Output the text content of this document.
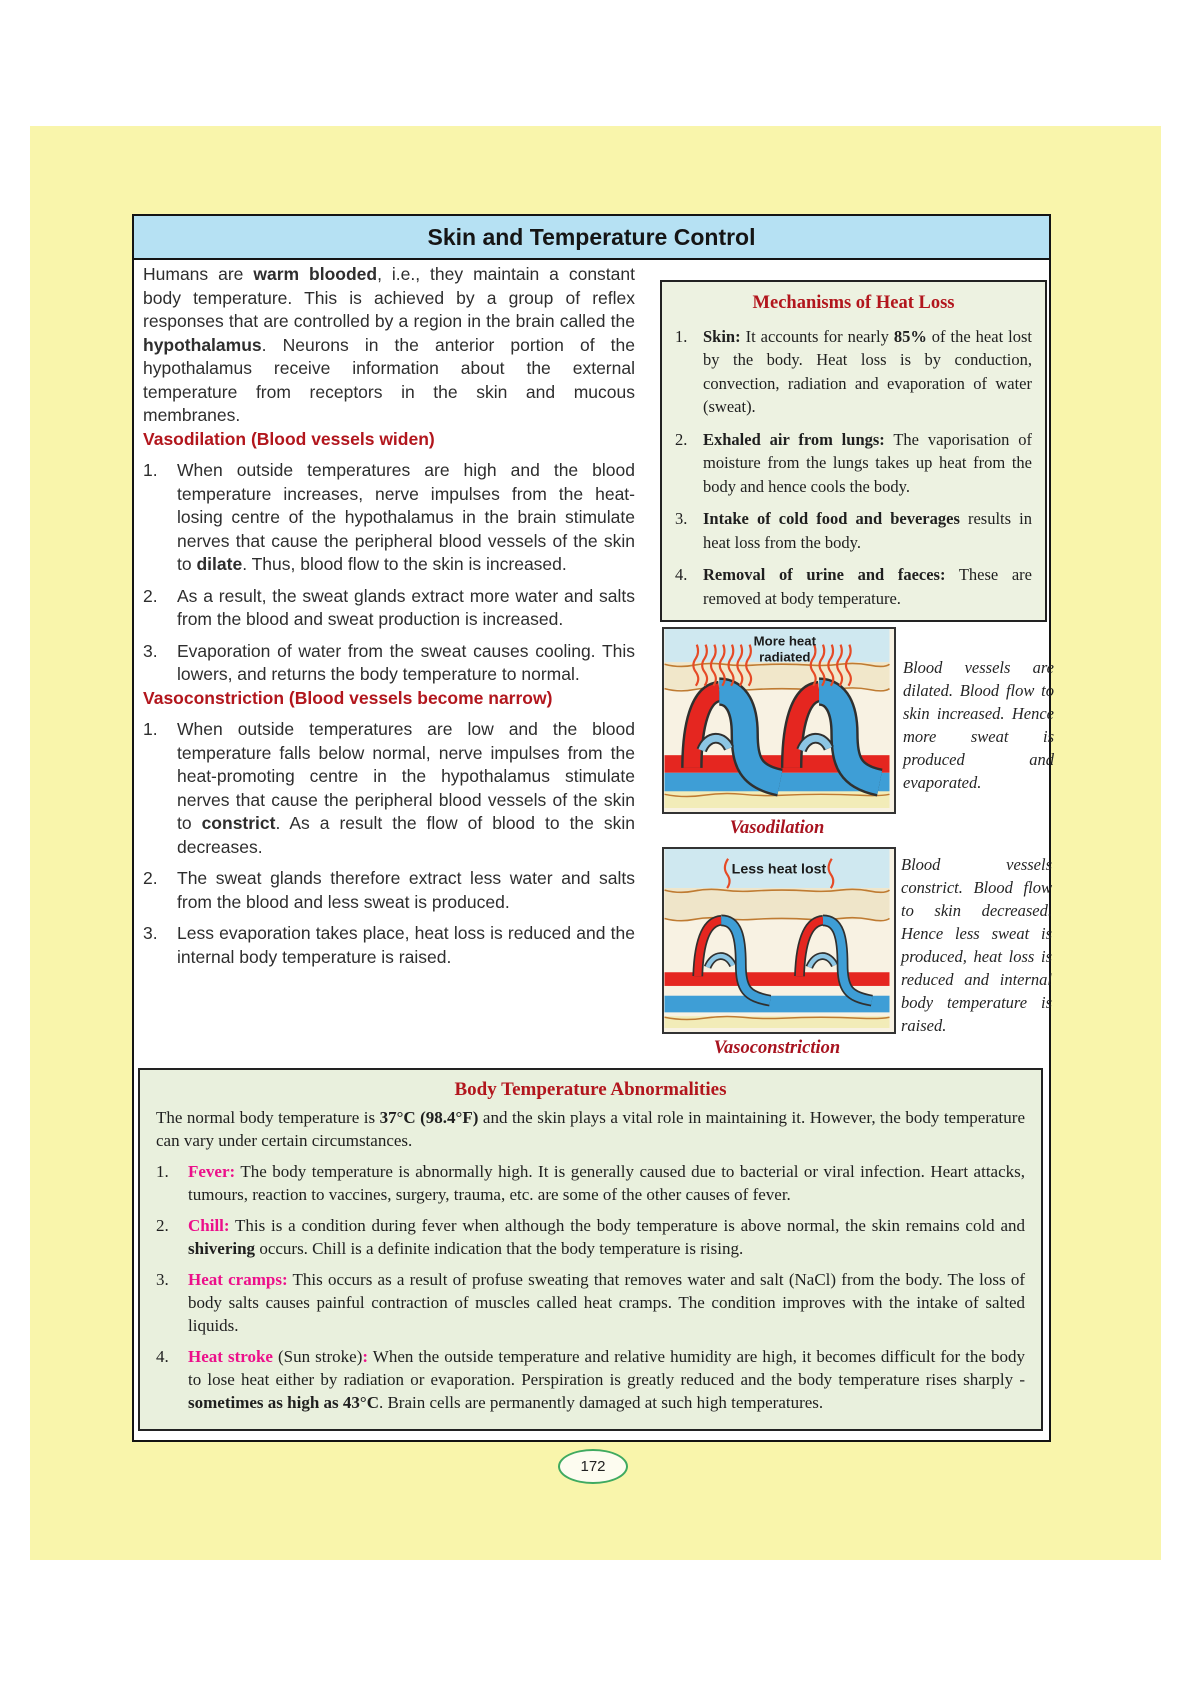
Skin and Temperature Control

Humans are warm blooded, i.e., they maintain a constant body temperature. This is achieved by a group of reflex responses that are controlled by a region in the brain called the hypothalamus. Neurons in the anterior portion of the hypothalamus receive information about the external temperature from receptors in the skin and mucous membranes.

Vasodilation (Blood vessels widen)

1.	When outside temperatures are high and the blood temperature increases, nerve impulses from the heat-losing centre of the hypothalamus in the brain stimulate nerves that cause the peripheral blood vessels of the skin to dilate. Thus, blood flow to the skin is increased.
2.	As a result, the sweat glands extract more water and salts from the blood and sweat production is increased.
3.	Evaporation of water from the sweat causes cooling. This lowers, and returns the body temperature to normal.

Vasoconstriction (Blood vessels become narrow)

1.	When outside temperatures are low and the blood temperature falls below normal, nerve impulses from the heat-promoting centre in the hypothalamus stimulate nerves that cause the peripheral blood vessels of the skin to constrict. As a result the flow of blood to the skin decreases.
2.	The sweat glands therefore extract less water and salts from the blood and less sweat is produced.
3.	Less evaporation takes place, heat loss is reduced and the internal body temperature is raised.
Mechanisms of Heat Loss
1. Skin: It accounts for nearly 85% of the heat lost by the body. Heat loss is by conduction, convection, radiation and evaporation of water (sweat).
2. Exhaled air from lungs: The vaporisation of moisture from the lungs takes up heat from the body and hence cools the body.
3. Intake of cold food and beverages results in heat loss from the body.
4. Removal of urine and faeces: These are removed at body temperature.
More heat
radiated
Vasodilation
Blood vessels are dilated. Blood flow to skin increased. Hence more sweat is produced and evaporated.
Less heat lost
Vasoconstriction
Blood vessels constrict. Blood flow to skin decreased. Hence less sweat is produced, heat loss is reduced and internal body temperature is raised.
Body Temperature Abnormalities

The normal body temperature is 37°C (98.4°F) and the skin plays a vital role in maintaining it. However, the body temperature can vary under certain circumstances.

1.	Fever: The body temperature is abnormally high. It is generally caused due to bacterial or viral infection. Heart attacks, tumours, reaction to vaccines, surgery, trauma, etc. are some of the other causes of fever.
2.	Chill: This is a condition during fever when although the body temperature is above normal, the skin remains cold and shivering occurs. Chill is a definite indication that the body temperature is rising.
3.	Heat cramps: This occurs as a result of profuse sweating that removes water and salt (NaCl) from the body. The loss of body salts causes painful contraction of muscles called heat cramps. The condition improves with the intake of salted liquids.
4.	Heat stroke (Sun stroke): When the outside temperature and relative humidity are high, it becomes difficult for the body to lose heat either by radiation or evaporation. Perspiration is greatly reduced and the body temperature rises sharply - sometimes as high as 43°C. Brain cells are permanently damaged at such high temperatures.
172
